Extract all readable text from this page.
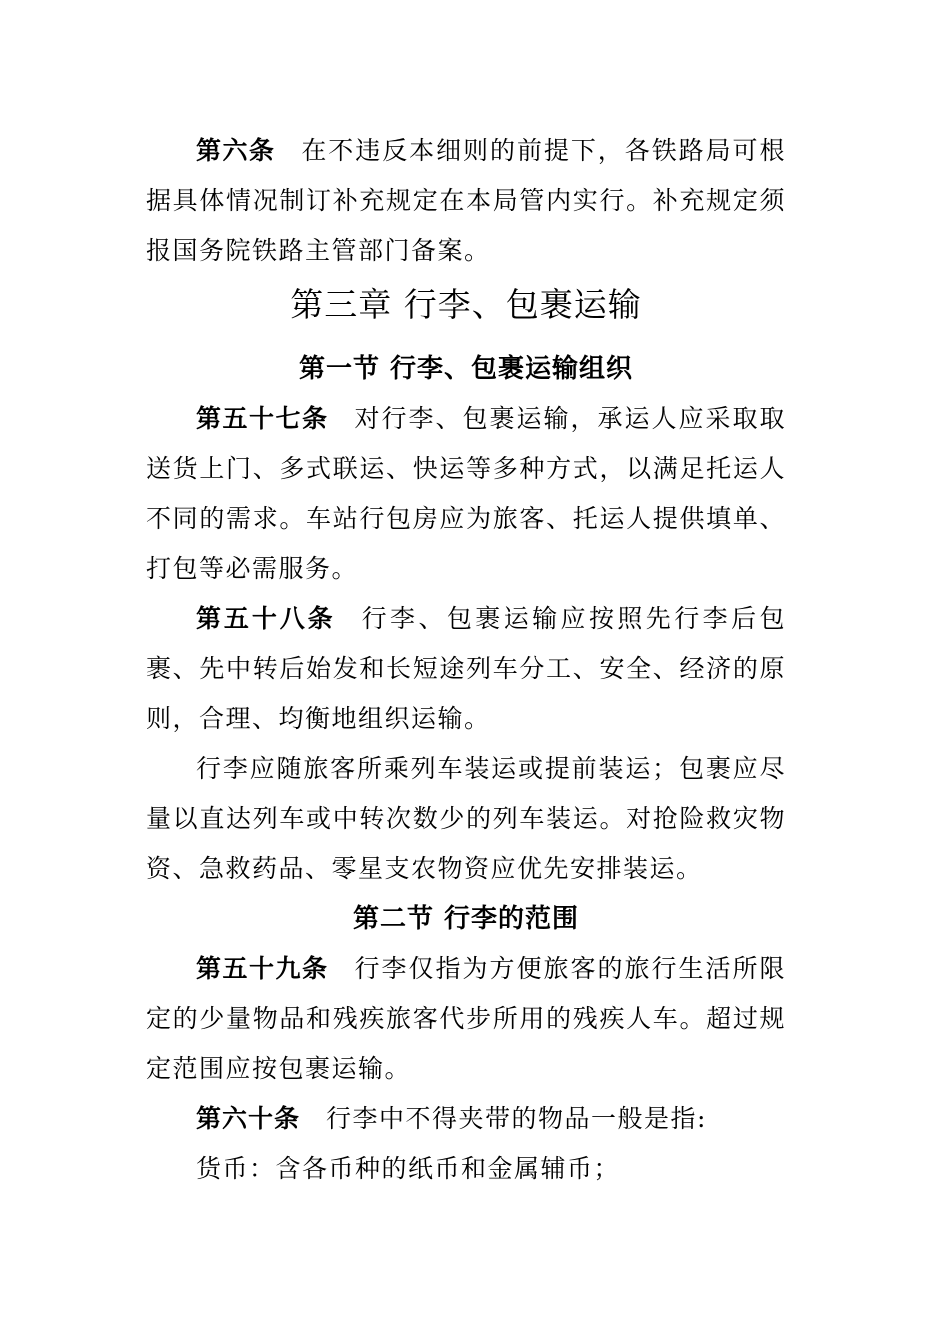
第六条 在不违反本细则的前提下，各铁路局可根据具体情况制订补充规定在本局管内实行。补充规定须报国务院铁路主管部门备案。

第三章 行李、包裹运输
第一节 行李、包裹运输组织

第五十七条 对行李、包裹运输，承运人应采取取送货上门、多式联运、快运等多种方式，以满足托运人不同的需求。车站行包房应为旅客、托运人提供填单、打包等必需服务。

第五十八条 行李、包裹运输应按照先行李后包裹、先中转后始发和长短途列车分工、安全、经济的原则，合理、均衡地组织运输。

行李应随旅客所乘列车装运或提前装运；包裹应尽量以直达列车或中转次数少的列车装运。对抢险救灾物资、急救药品、零星支农物资应优先安排装运。

第二节 行李的范围

第五十九条 行李仅指为方便旅客的旅行生活所限定的少量物品和残疾旅客代步所用的残疾人车。超过规定范围应按包裹运输。

第六十条 行李中不得夹带的物品一般是指:

货币：含各币种的纸币和金属辅币；
